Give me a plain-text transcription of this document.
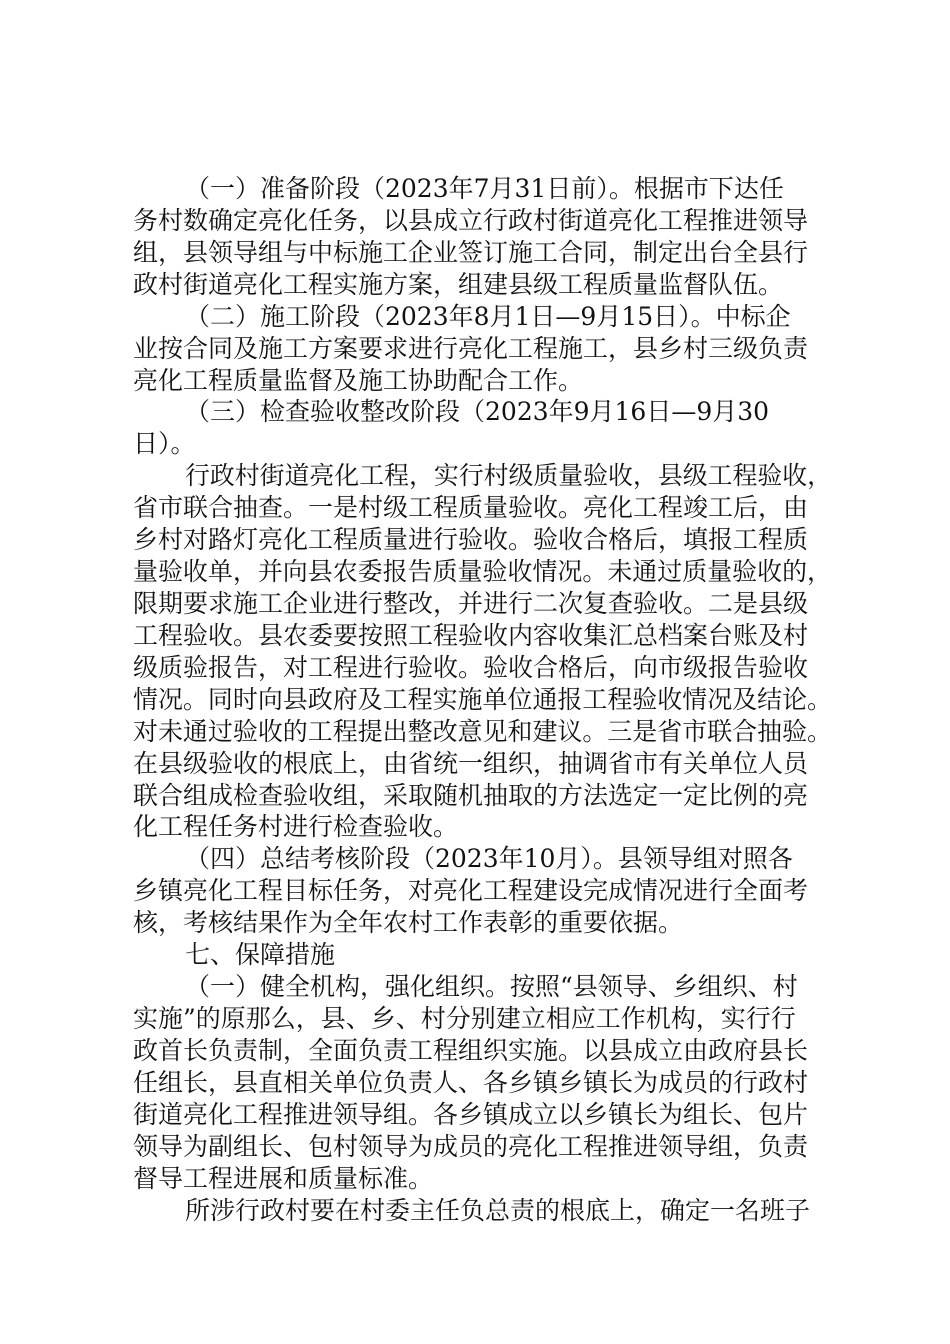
（一）准备阶段（2023年7月31日前）。根据市下达任
务村数确定亮化任务，以县成立行政村街道亮化工程推进领导
组，县领导组与中标施工企业签订施工合同，制定出台全县行
政村街道亮化工程实施方案，组建县级工程质量监督队伍。
（二）施工阶段（2023年8月1日—9月15日）。中标企
业按合同及施工方案要求进行亮化工程施工，县乡村三级负责
亮化工程质量监督及施工协助配合工作。
（三）检查验收整改阶段（2023年9月16日—9月30
日）。
行政村街道亮化工程，实行村级质量验收，县级工程验收，
省市联合抽查。一是村级工程质量验收。亮化工程竣工后，由
乡村对路灯亮化工程质量进行验收。验收合格后，填报工程质
量验收单，并向县农委报告质量验收情况。未通过质量验收的，
限期要求施工企业进行整改，并进行二次复查验收。二是县级
工程验收。县农委要按照工程验收内容收集汇总档案台账及村
级质验报告，对工程进行验收。验收合格后，向市级报告验收
情况。同时向县政府及工程实施单位通报工程验收情况及结论。
对未通过验收的工程提出整改意见和建议。三是省市联合抽验。
在县级验收的根底上，由省统一组织，抽调省市有关单位人员
联合组成检查验收组，采取随机抽取的方法选定一定比例的亮
化工程任务村进行检查验收。
（四）总结考核阶段（2023年10月）。县领导组对照各
乡镇亮化工程目标任务，对亮化工程建设完成情况进行全面考
核，考核结果作为全年农村工作表彰的重要依据。
七、保障措施
（一）健全机构，强化组织。按照“县领导、乡组织、村
实施”的原那么，县、乡、村分别建立相应工作机构，实行行
政首长负责制，全面负责工程组织实施。以县成立由政府县长
任组长，县直相关单位负责人、各乡镇乡镇长为成员的行政村
街道亮化工程推进领导组。各乡镇成立以乡镇长为组长、包片
领导为副组长、包村领导为成员的亮化工程推进领导组，负责
督导工程进展和质量标准。
所涉行政村要在村委主任负总责的根底上，确定一名班子
